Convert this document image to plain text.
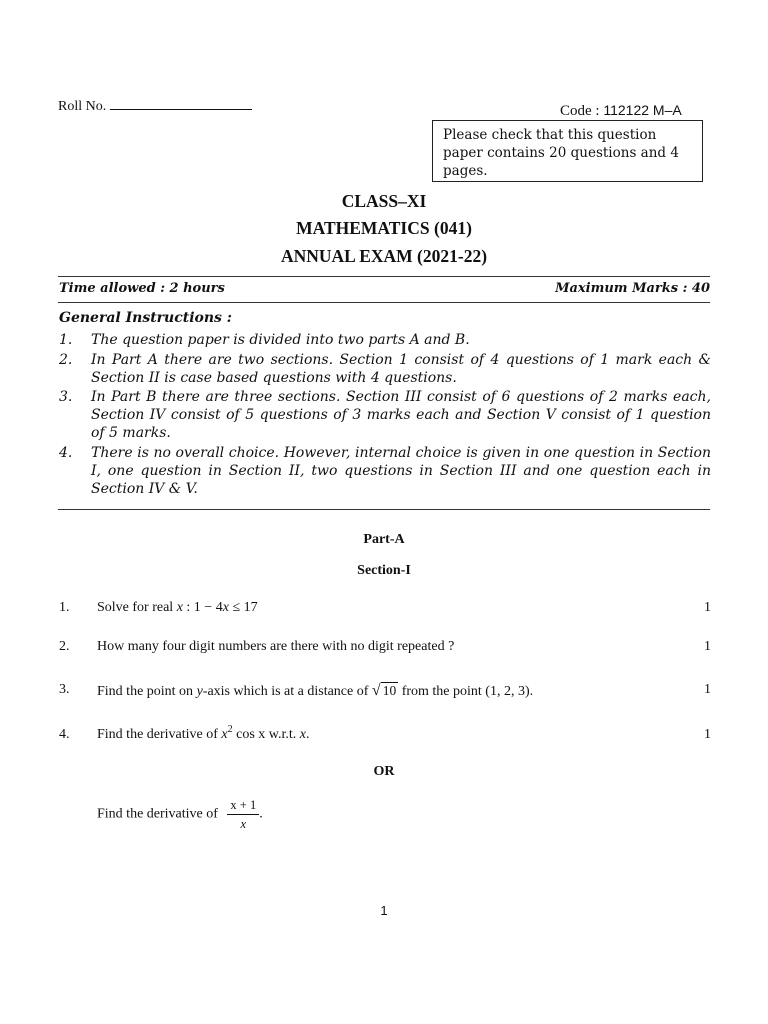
Roll No.	Code : 112122 M–A
Please check that this question paper contains 20 questions and 4 pages.
CLASS–XI
MATHEMATICS (041)
ANNUAL EXAM (2021-22)
Time allowed : 2 hours	Maximum Marks : 40
General Instructions :
1. The question paper is divided into two parts A and B.
2. In Part A there are two sections. Section 1 consist of 4 questions of 1 mark each & Section II is case based questions with 4 questions.
3. In Part B there are three sections. Section III consist of 6 questions of 2 marks each, Section IV consist of 5 questions of 3 marks each and Section V consist of 1 question of 5 marks.
4. There is no overall choice. However, internal choice is given in one question in Section I, one question in Section II, two questions in Section III and one question each in Section IV & V.
Part-A
Section-I
1. Solve for real x : 1 − 4x ≤ 17	1
2. How many four digit numbers are there with no digit repeated ?	1
3. Find the point on y-axis which is at a distance of √ 10 from the point (1, 2, 3).	1
4. Find the derivative of $x^2$ cos x w.r.t. x.	1
OR
Find the derivative of $\frac{x + 1}{x}$ .
1
